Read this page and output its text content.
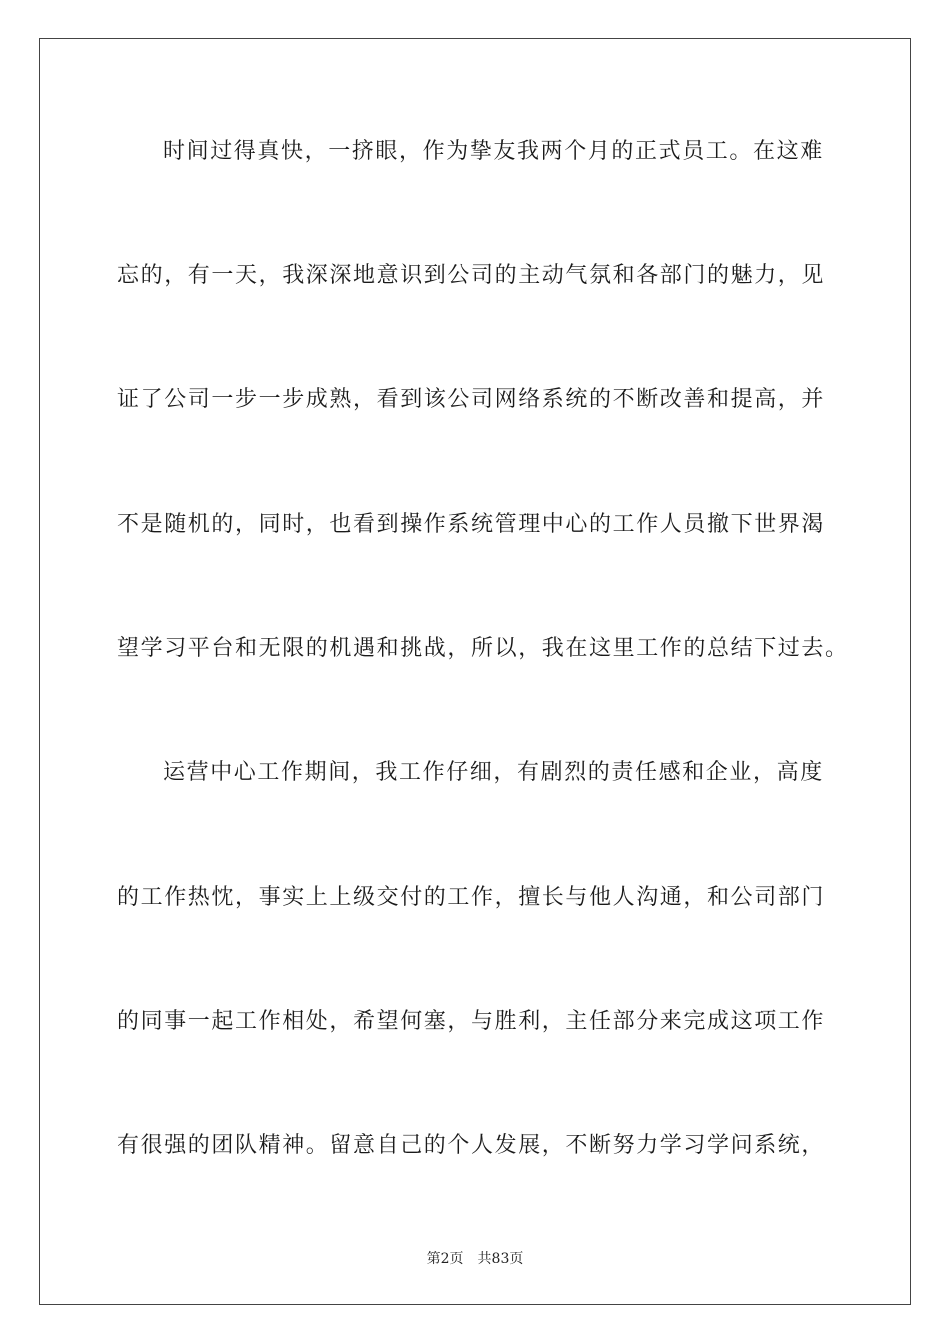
时间过得真快，一挤眼，作为挚友我两个月的正式员工。在这难
忘的，有一天，我深深地意识到公司的主动气氛和各部门的魅力，见
证了公司一步一步成熟，看到该公司网络系统的不断改善和提高，并
不是随机的，同时，也看到操作系统管理中心的工作人员撤下世界渴
望学习平台和无限的机遇和挑战，所以，我在这里工作的总结下过去。
运营中心工作期间，我工作仔细，有剧烈的责任感和企业，高度
的工作热忱，事实上上级交付的工作，擅长与他人沟通，和公司部门
的同事一起工作相处，希望何塞，与胜利，主任部分来完成这项工作
有很强的团队精神。留意自己的个人发展，不断努力学习学问系统，
第2页 共83页
